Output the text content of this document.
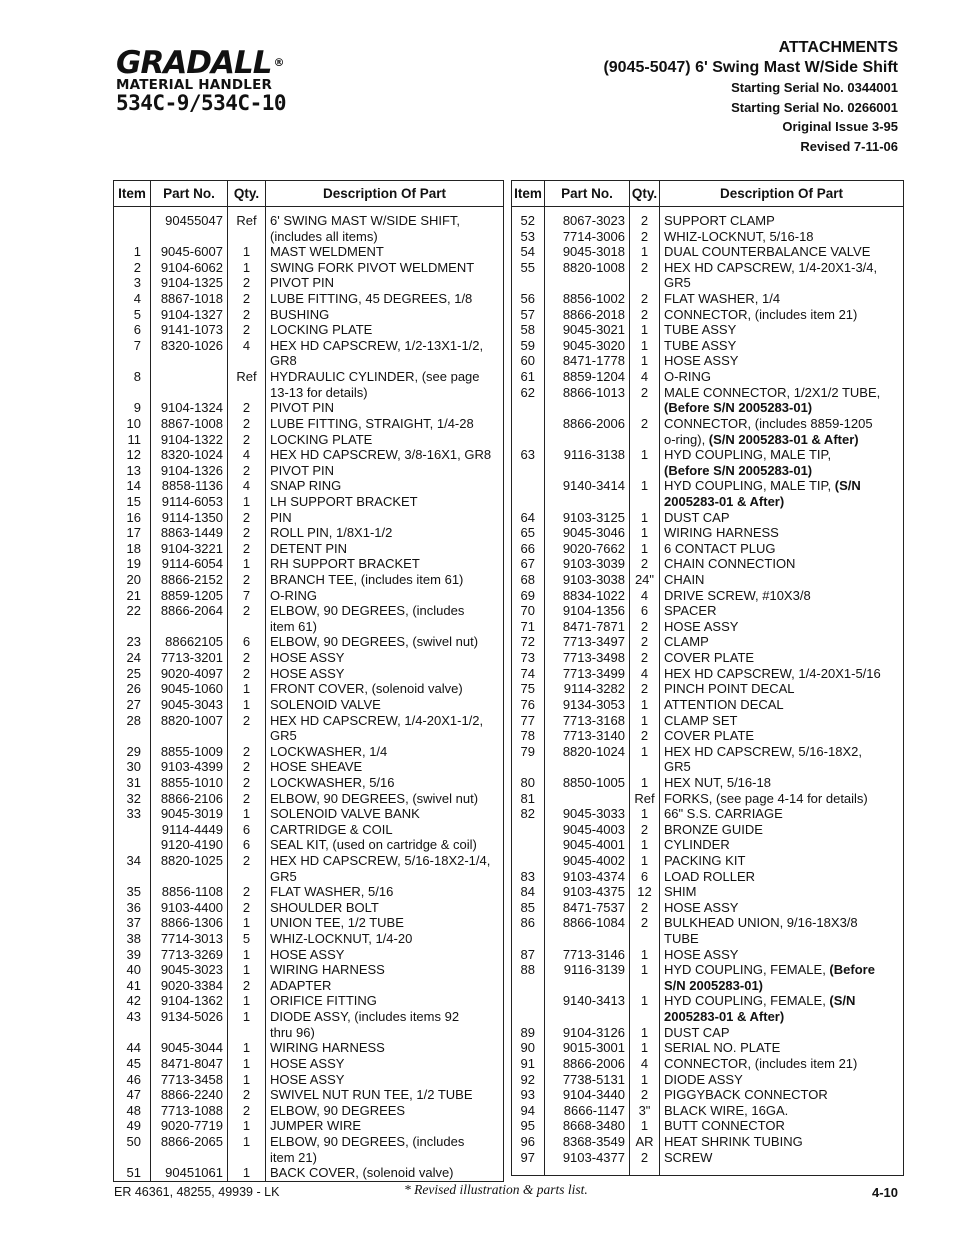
GRADALL ®
MATERIAL HANDLER
534C-9/534C-10
ATTACHMENTS
(9045-5047) 6' Swing Mast W/Side Shift
Starting Serial No. 0344001
Starting Serial No. 0266001
Original Issue 3-95
Revised 7-11-06
Item	Part No.	Qty.	Description Of Part

	90455047	Ref	6' SWING MAST W/SIDE SHIFT,
			(includes all items)
1	9045-6007	1	MAST WELDMENT
2	9104-6062	1	SWING FORK PIVOT WELDMENT
3	9104-1325	2	PIVOT PIN
4	8867-1018	2	LUBE FITTING, 45 DEGREES, 1/8
5	9104-1327	2	BUSHING
6	9141-1073	2	LOCKING PLATE
7	8320-1026	4	HEX HD CAPSCREW, 1/2-13X1-1/2,
			GR8
8		Ref	HYDRAULIC CYLINDER, (see page
			13-13 for details)
9	9104-1324	2	PIVOT PIN
10	8867-1008	2	LUBE FITTING, STRAIGHT, 1/4-28
11	9104-1322	2	LOCKING PLATE
12	8320-1024	4	HEX HD CAPSCREW, 3/8-16X1, GR8
13	9104-1326	2	PIVOT PIN
14	8858-1136	4	SNAP RING
15	9114-6053	1	LH SUPPORT BRACKET
16	9114-1350	2	PIN
17	8863-1449	2	ROLL PIN, 1/8X1-1/2
18	9104-3221	2	DETENT PIN
19	9114-6054	1	RH SUPPORT BRACKET
20	8866-2152	2	BRANCH TEE, (includes item 61)
21	8859-1205	7	O-RING
22	8866-2064	2	ELBOW, 90 DEGREES, (includes
			item 61)
23	88662105	6	ELBOW, 90 DEGREES, (swivel nut)
24	7713-3201	2	HOSE ASSY
25	9020-4097	2	HOSE ASSY
26	9045-1060	1	FRONT COVER, (solenoid valve)
27	9045-3043	1	SOLENOID VALVE
28	8820-1007	2	HEX HD CAPSCREW, 1/4-20X1-1/2,
			GR5
29	8855-1009	2	LOCKWASHER, 1/4
30	9103-4399	2	HOSE SHEAVE
31	8855-1010	2	LOCKWASHER, 5/16
32	8866-2106	2	ELBOW, 90 DEGREES, (swivel nut)
33	9045-3019	1	SOLENOID VALVE BANK
	9114-4449	6	CARTRIDGE & COIL
	9120-4190	6	SEAL KIT, (used on cartridge & coil)
34	8820-1025	2	HEX HD CAPSCREW, 5/16-18X2-1/4,
			GR5
35	8856-1108	2	FLAT WASHER, 5/16
36	9103-4400	2	SHOULDER BOLT
37	8866-1306	1	UNION TEE, 1/2 TUBE
38	7714-3013	5	WHIZ-LOCKNUT, 1/4-20
39	7713-3269	1	HOSE ASSY
40	9045-3023	1	WIRING HARNESS
41	9020-3384	2	ADAPTER
42	9104-1362	1	ORIFICE FITTING
43	9134-5026	1	DIODE ASSY, (includes items 92
			thru 96)
44	9045-3044	1	WIRING HARNESS
45	8471-8047	1	HOSE ASSY
46	7713-3458	1	HOSE ASSY
47	8866-2240	2	SWIVEL NUT RUN TEE, 1/2 TUBE
48	7713-1088	2	ELBOW, 90 DEGREES
49	9020-7719	1	JUMPER WIRE
50	8866-2065	1	ELBOW, 90 DEGREES, (includes
			item 21)
51	90451061	1	BACK COVER, (solenoid valve)

Item	Part No.	Qty.	Description Of Part

52	8067-3023	2	SUPPORT CLAMP
53	7714-3006	2	WHIZ-LOCKNUT, 5/16-18
54	9045-3018	1	DUAL COUNTERBALANCE VALVE
55	8820-1008	2	HEX HD CAPSCREW, 1/4-20X1-3/4,
			GR5
56	8856-1002	2	FLAT WASHER, 1/4
57	8866-2018	2	CONNECTOR, (includes item 21)
58	9045-3021	1	TUBE ASSY
59	9045-3020	1	TUBE ASSY
60	8471-1778	1	HOSE ASSY
61	8859-1204	4	O-RING
62	8866-1013	2	MALE CONNECTOR, 1/2X1/2 TUBE,
			(Before S/N 2005283-01)
	8866-2006	2	CONNECTOR, (includes 8859-1205
			o-ring), (S/N 2005283-01 & After)
63	9116-3138	1	HYD COUPLING, MALE TIP,
			(Before S/N 2005283-01)
	9140-3414	1	HYD COUPLING, MALE TIP, (S/N
			2005283-01 & After)
64	9103-3125	1	DUST CAP
65	9045-3046	1	WIRING HARNESS
66	9020-7662	1	6 CONTACT PLUG
67	9103-3039	2	CHAIN CONNECTION
68	9103-3038	24"	CHAIN
69	8834-1022	4	DRIVE SCREW, #10X3/8
70	9104-1356	6	SPACER
71	8471-7871	2	HOSE ASSY
72	7713-3497	2	CLAMP
73	7713-3498	2	COVER PLATE
74	7713-3499	4	HEX HD CAPSCREW, 1/4-20X1-5/16
75	9114-3282	2	PINCH POINT DECAL
76	9134-3053	1	ATTENTION DECAL
77	7713-3168	1	CLAMP SET
78	7713-3140	2	COVER PLATE
79	8820-1024	1	HEX HD CAPSCREW, 5/16-18X2,
			GR5
80	8850-1005	1	HEX NUT, 5/16-18
81		Ref	FORKS, (see page 4-14 for details)
82	9045-3033	1	66" S.S. CARRIAGE
	9045-4003	2	BRONZE GUIDE
	9045-4001	1	CYLINDER
	9045-4002	1	PACKING KIT
83	9103-4374	6	LOAD ROLLER
84	9103-4375	12	SHIM
85	8471-7537	2	HOSE ASSY
86	8866-1084	2	BULKHEAD UNION, 9/16-18X3/8
			TUBE
87	7713-3146	1	HOSE ASSY
88	9116-3139	1	HYD COUPLING, FEMALE, (Before
			S/N 2005283-01)
	9140-3413	1	HYD COUPLING, FEMALE, (S/N
			2005283-01 & After)
89	9104-3126	1	DUST CAP
90	9015-3001	1	SERIAL NO. PLATE
91	8866-2006	4	CONNECTOR, (includes item 21)
92	7738-5131	1	DIODE ASSY
93	9104-3440	2	PIGGYBACK CONNECTOR
94	8666-1147	3"	BLACK WIRE, 16GA.
95	8668-3480	1	BUTT CONNECTOR
96	8368-3549	AR	HEAT SHRINK TUBING
97	9103-4377	2	SCREW

ER 46361, 48255, 49939 - LK	* Revised illustration & parts list.	4-10
